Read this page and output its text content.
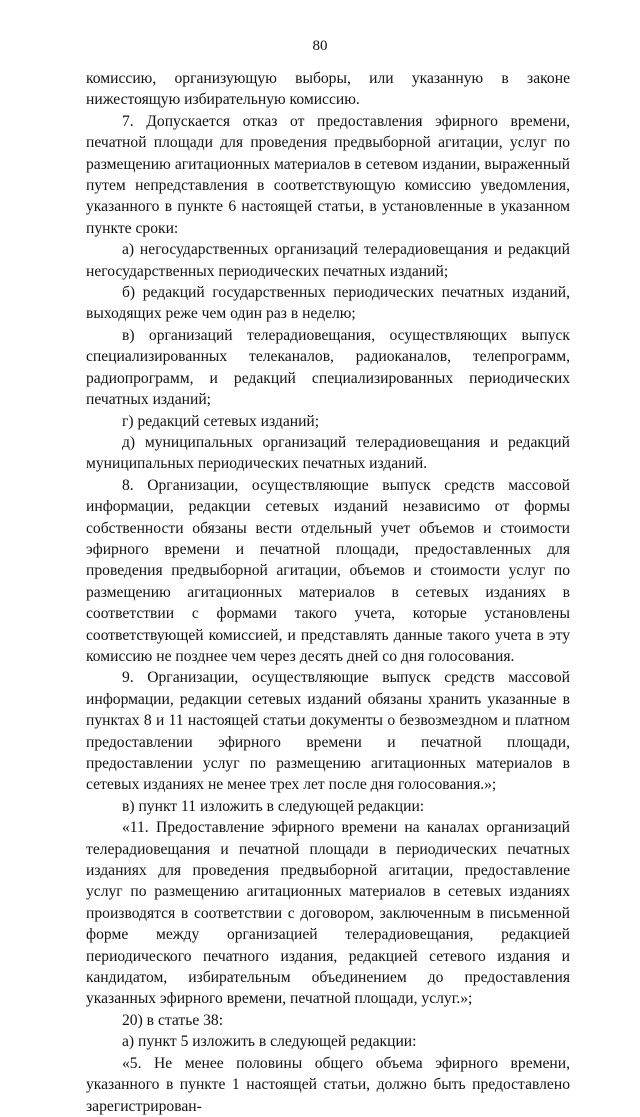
80

комиссию, организующую выборы, или указанную в законе нижестоящую избирательную комиссию.

7. Допускается отказ от предоставления эфирного времени, печатной площади для проведения предвыборной агитации, услуг по размещению агитационных материалов в сетевом издании, выраженный путем непредставления в соответствующую комиссию уведомления, указанного в пункте 6 настоящей статьи, в установленные в указанном пункте сроки:

а) негосударственных организаций телерадиовещания и редакций негосударственных периодических печатных изданий;

б) редакций государственных периодических печатных изданий, выходящих реже чем один раз в неделю;

в) организаций телерадиовещания, осуществляющих выпуск специализированных телеканалов, радиоканалов, телепрограмм, радиопрограмм, и редакций специализированных периодических печатных изданий;

г) редакций сетевых изданий;

д) муниципальных организаций телерадиовещания и редакций муниципальных периодических печатных изданий.

8. Организации, осуществляющие выпуск средств массовой информации, редакции сетевых изданий независимо от формы собственности обязаны вести отдельный учет объемов и стоимости эфирного времени и печатной площади, предоставленных для проведения предвыборной агитации, объемов и стоимости услуг по размещению агитационных материалов в сетевых изданиях в соответствии с формами такого учета, которые установлены соответствующей комиссией, и представлять данные такого учета в эту комиссию не позднее чем через десять дней со дня голосования.

9. Организации, осуществляющие выпуск средств массовой информации, редакции сетевых изданий обязаны хранить указанные в пунктах 8 и 11 настоящей статьи документы о безвозмездном и платном предоставлении эфирного времени и печатной площади, предоставлении услуг по размещению агитационных материалов в сетевых изданиях не менее трех лет после дня голосования.»;

в) пункт 11 изложить в следующей редакции:

«11. Предоставление эфирного времени на каналах организаций телерадиовещания и печатной площади в периодических печатных изданиях для проведения предвыборной агитации, предоставление услуг по размещению агитационных материалов в сетевых изданиях производятся в соответствии с договором, заключенным в письменной форме между организацией телерадиовещания, редакцией периодического печатного издания, редакцией сетевого издания и кандидатом, избирательным объединением до предоставления указанных эфирного времени, печатной площади, услуг.»;

20) в статье 38:

а) пункт 5 изложить в следующей редакции:

«5. Не менее половины общего объема эфирного времени, указанного в пункте 1 настоящей статьи, должно быть предоставлено зарегистрирован-
